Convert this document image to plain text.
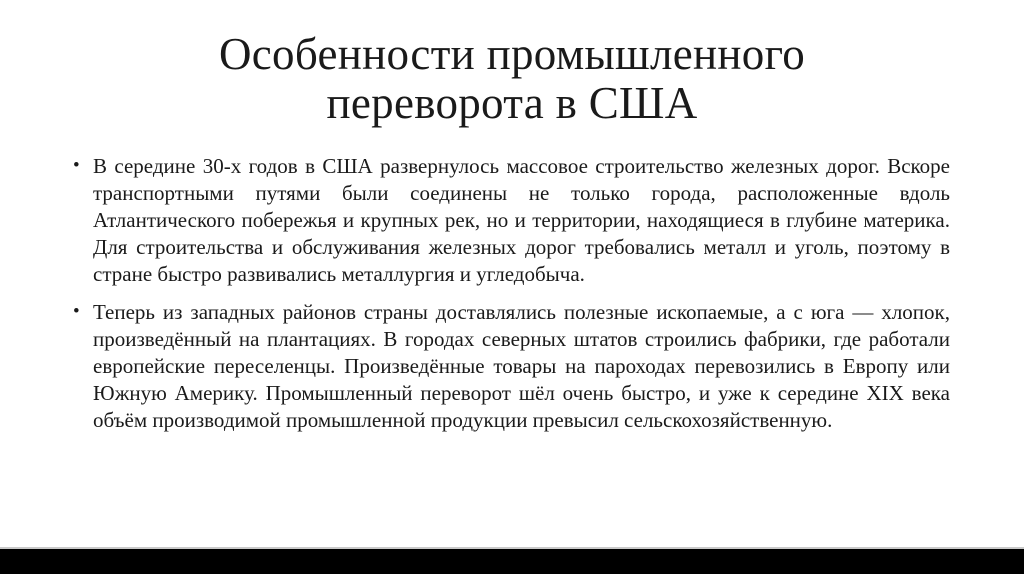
Особенности промышленного переворота в США
• В середине 30-х годов в США развернулось массовое строительство железных дорог. Вскоре транспортными путями были соединены не только города, расположенные вдоль Атлантического побережья и крупных рек, но и территории, находящиеся в глубине материка. Для строительства и обслуживания железных дорог требовались металл и уголь, поэтому в стране быстро развивались металлургия и угледобыча.
• Теперь из западных районов страны доставлялись полезные ископаемые, а с юга — хлопок, произведённый на плантациях. В городах северных штатов строились фабрики, где работали европейские переселенцы. Произведённые товары на пароходах перевозились в Европу или Южную Америку. Промышленный переворот шёл очень быстро, и уже к середине XIX века объём производимой промышленной продукции превысил сельскохозяйственную.
